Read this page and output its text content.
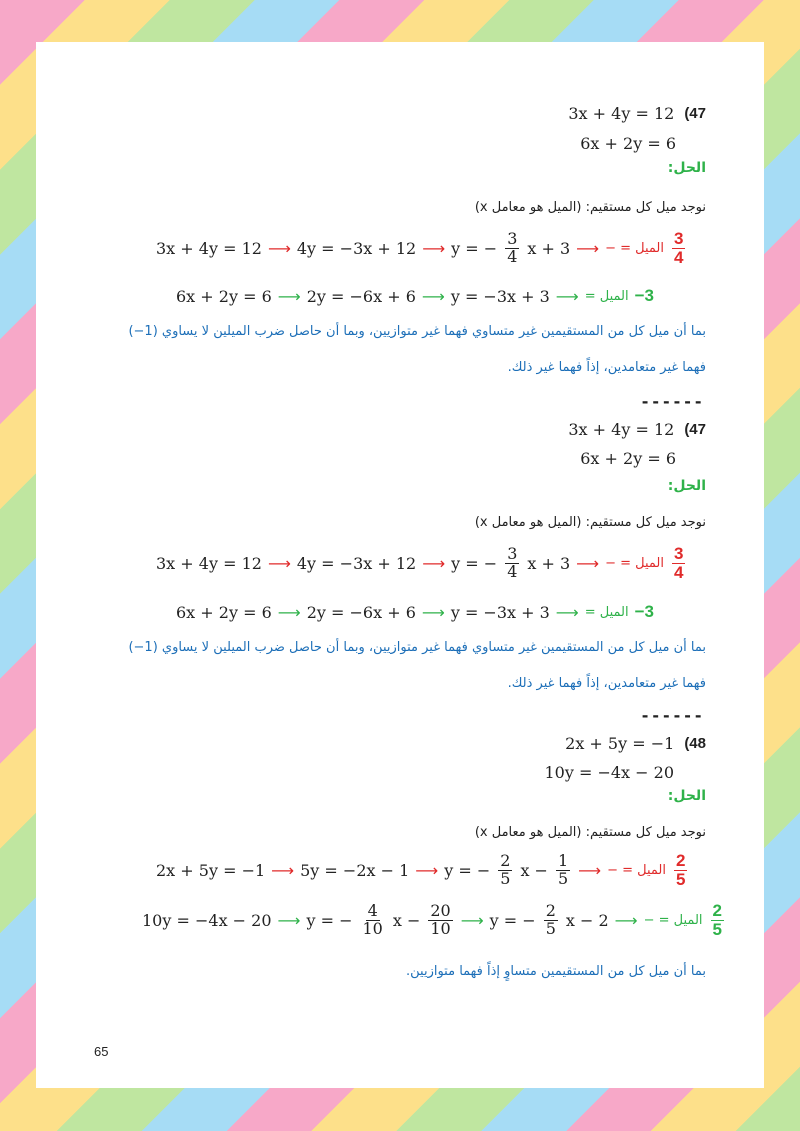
3x + 4y = 12 (47
6x + 2y = 6
الحل:
نوجد ميل كل مستقيم: (الميل هو معامل x)
3x + 4y = 12 ⟶ 4y = −3x + 12 ⟶ y = − $\frac{3}{4}$ x + 3 ⟶ الميل = − $\frac{3}{4}$
6x + 2y = 6 ⟶ 2y = −6x + 6 ⟶ y = −3x + 3 ⟶ الميل = −3
بما أن ميل كل من المستقيمين غير متساوي فهما غير متوازيين، وبما أن حاصل ضرب الميلين لا يساوي (1−)
فهما غير متعامدين، إذاً فهما غير ذلك.
------
3x + 4y = 12 (47
6x + 2y = 6
الحل:
نوجد ميل كل مستقيم: (الميل هو معامل x)
3x + 4y = 12 ⟶ 4y = −3x + 12 ⟶ y = − $\frac{3}{4}$ x + 3 ⟶ الميل = − $\frac{3}{4}$
6x + 2y = 6 ⟶ 2y = −6x + 6 ⟶ y = −3x + 3 ⟶ الميل = −3
بما أن ميل كل من المستقيمين غير متساوي فهما غير متوازيين، وبما أن حاصل ضرب الميلين لا يساوي (1−)
فهما غير متعامدين، إذاً فهما غير ذلك.
------
2x + 5y = −1 (48
10y = −4x − 20
الحل:
نوجد ميل كل مستقيم: (الميل هو معامل x)
2x + 5y = −1 ⟶ 5y = −2x − 1 ⟶ y = − $\frac{2}{5}$ $x - \frac{1}{5}$ ⟶ الميل = − $\frac{2}{5}$
10y = −4x − 20 ⟶ y = − $\frac{4}{10}$ $x - \frac{20}{10}$ ⟶ y = − $\frac{2}{5}$ x − 2 ⟶ الميل = − $\frac{2}{5}$
بما أن ميل كل من المستقيمين متساوٍ إذاً فهما متوازيين.
65
